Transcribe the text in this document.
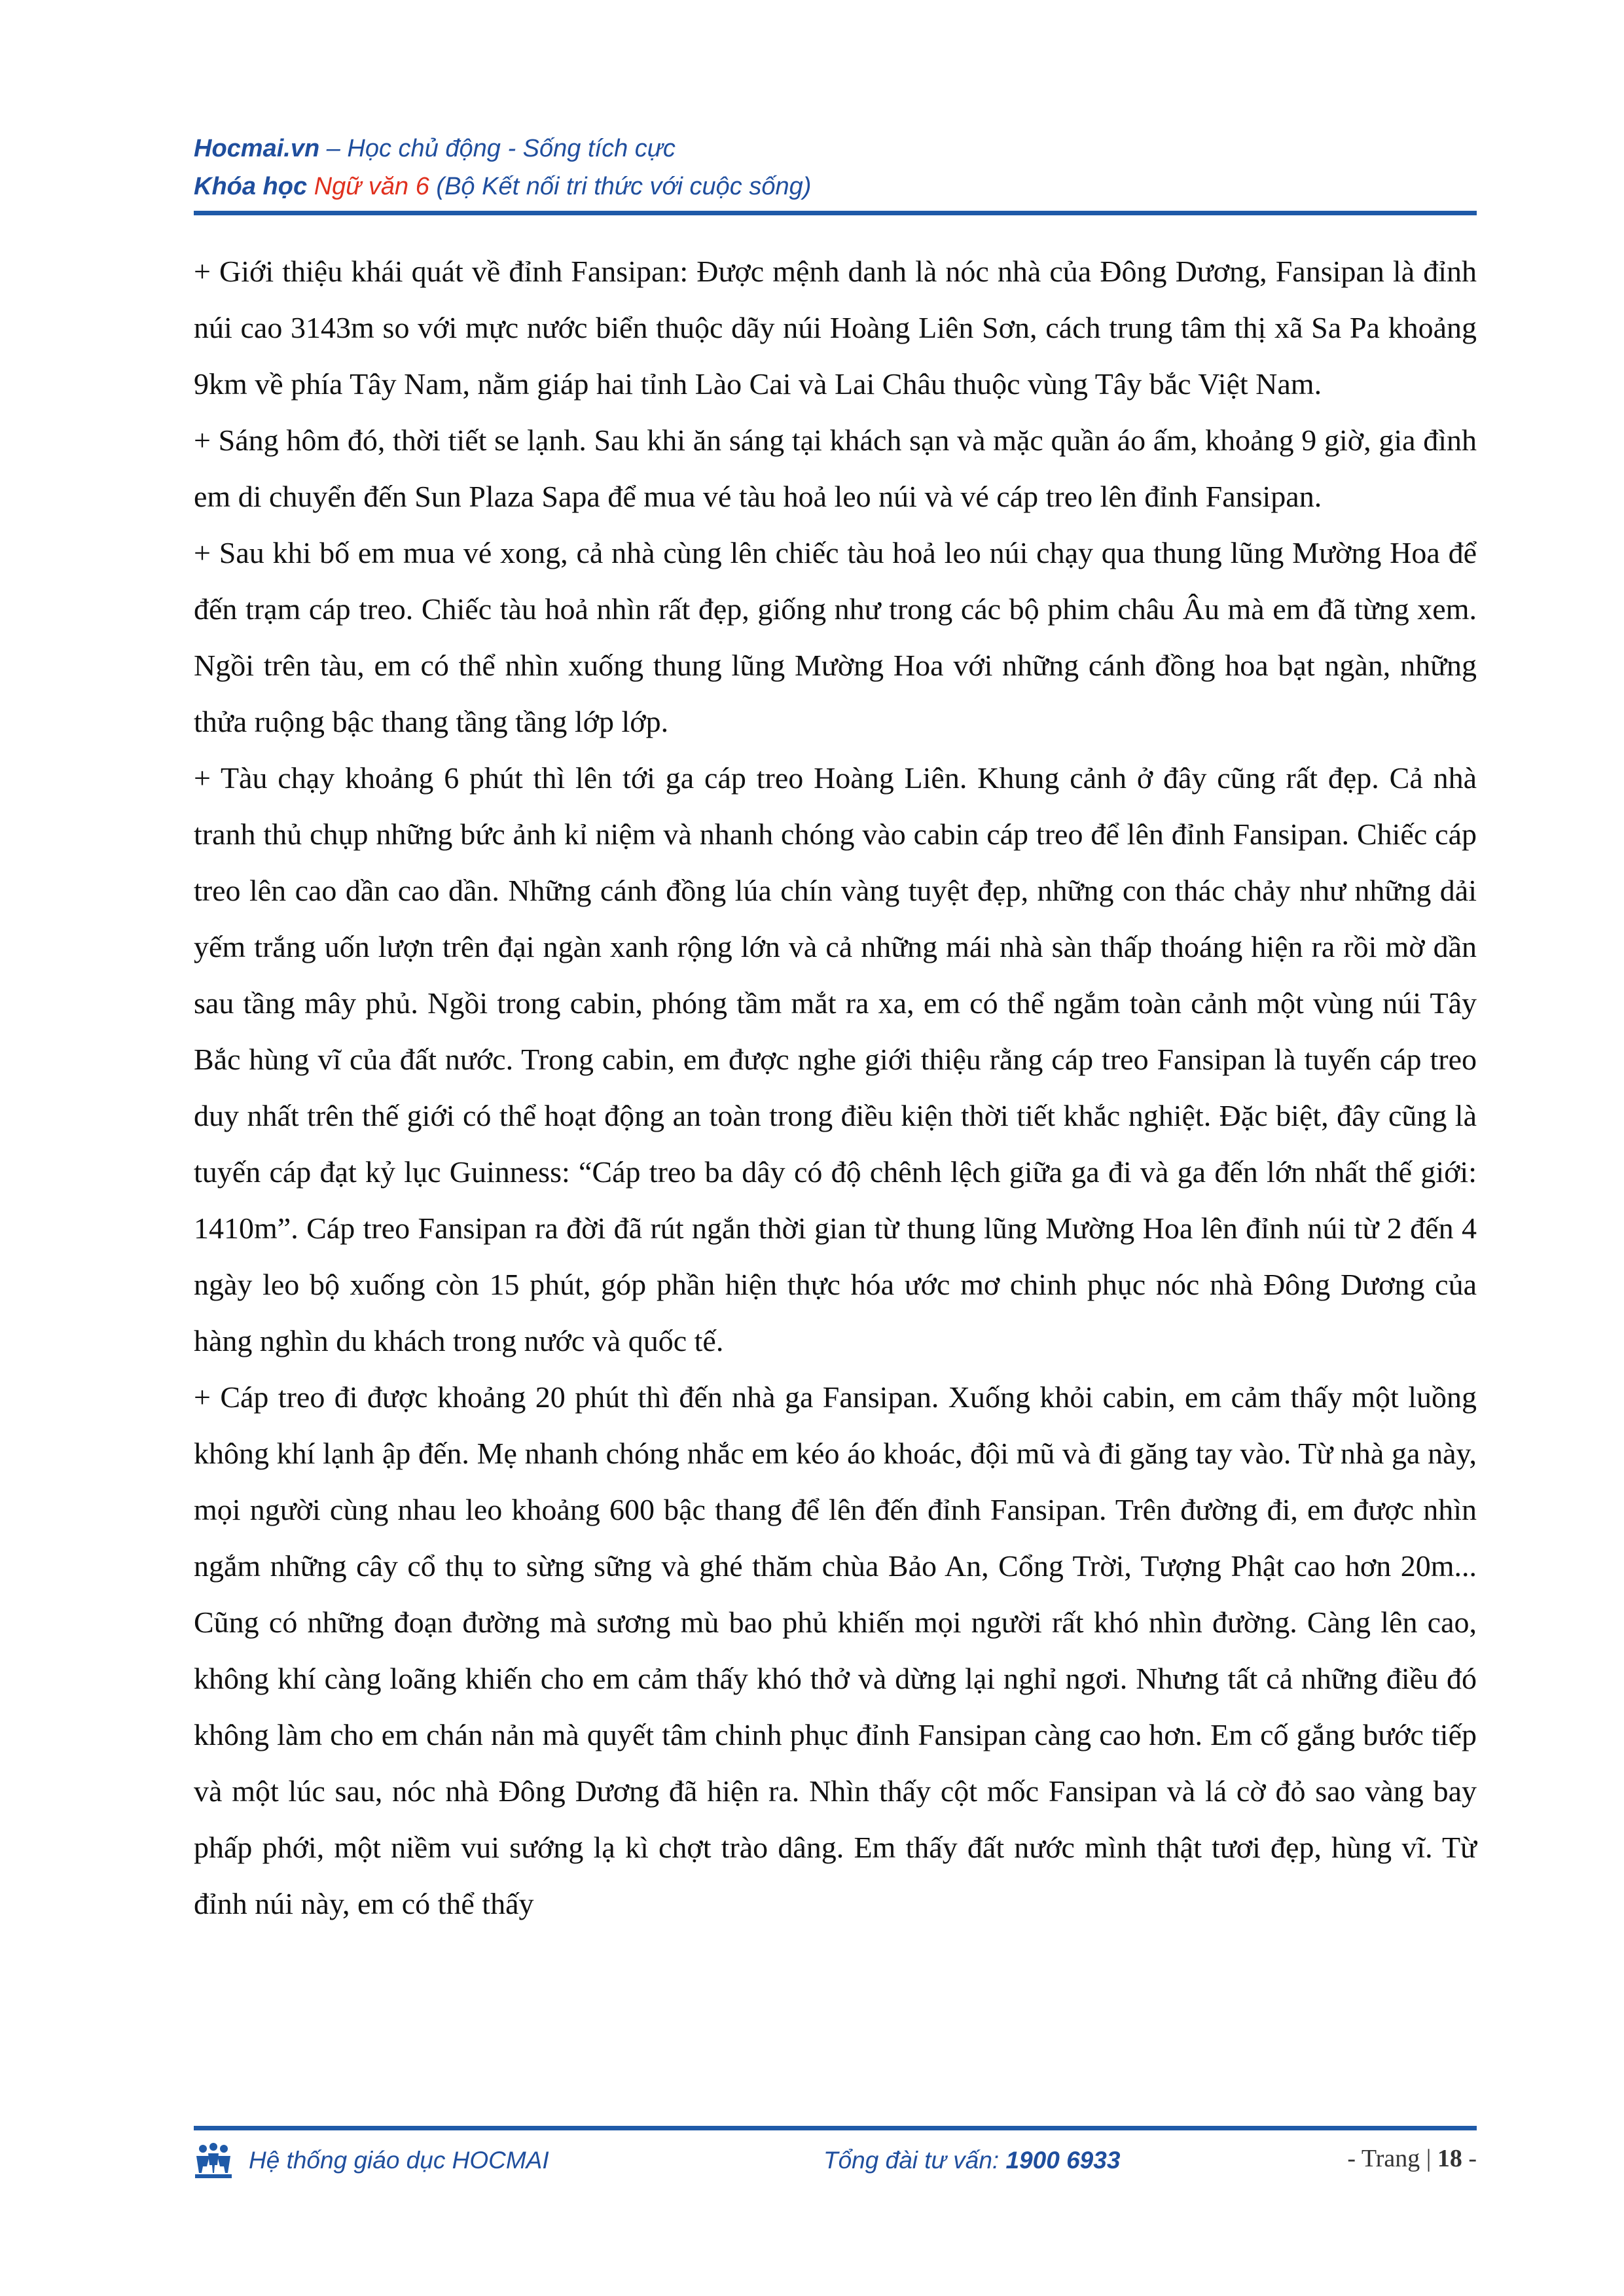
Hocmai.vn – Học chủ động - Sống tích cực
Khóa học Ngữ văn 6 (Bộ Kết nối tri thức với cuộc sống)

+ Giới thiệu khái quát về đỉnh Fansipan: Được mệnh danh là nóc nhà của Đông Dương, Fansipan là đỉnh núi cao 3143m so với mực nước biển thuộc dãy núi Hoàng Liên Sơn, cách trung tâm thị xã Sa Pa khoảng 9km về phía Tây Nam, nằm giáp hai tỉnh Lào Cai và Lai Châu thuộc vùng Tây bắc Việt Nam.

+ Sáng hôm đó, thời tiết se lạnh. Sau khi ăn sáng tại khách sạn và mặc quần áo ấm, khoảng 9 giờ, gia đình em di chuyển đến Sun Plaza Sapa để mua vé tàu hoả leo núi và vé cáp treo lên đỉnh Fansipan.

+ Sau khi bố em mua vé xong, cả nhà cùng lên chiếc tàu hoả leo núi chạy qua thung lũng Mường Hoa để đến trạm cáp treo. Chiếc tàu hoả nhìn rất đẹp, giống như trong các bộ phim châu Âu mà em đã từng xem. Ngồi trên tàu, em có thể nhìn xuống thung lũng Mường Hoa với những cánh đồng hoa bạt ngàn, những thửa ruộng bậc thang tầng tầng lớp lớp.

+ Tàu chạy khoảng 6 phút thì lên tới ga cáp treo Hoàng Liên. Khung cảnh ở đây cũng rất đẹp. Cả nhà tranh thủ chụp những bức ảnh kỉ niệm và nhanh chóng vào cabin cáp treo để lên đỉnh Fansipan. Chiếc cáp treo lên cao dần cao dần. Những cánh đồng lúa chín vàng tuyệt đẹp, những con thác chảy như những dải yếm trắng uốn lượn trên đại ngàn xanh rộng lớn và cả những mái nhà sàn thấp thoáng hiện ra rồi mờ dần sau tầng mây phủ. Ngồi trong cabin, phóng tầm mắt ra xa, em có thể ngắm toàn cảnh một vùng núi Tây Bắc hùng vĩ của đất nước. Trong cabin, em được nghe giới thiệu rằng cáp treo Fansipan là tuyến cáp treo duy nhất trên thế giới có thể hoạt động an toàn trong điều kiện thời tiết khắc nghiệt. Đặc biệt, đây cũng là tuyến cáp đạt kỷ lục Guinness: “Cáp treo ba dây có độ chênh lệch giữa ga đi và ga đến lớn nhất thế giới: 1410m”. Cáp treo Fansipan ra đời đã rút ngắn thời gian từ thung lũng Mường Hoa lên đỉnh núi từ 2 đến 4 ngày leo bộ xuống còn 15 phút, góp phần hiện thực hóa ước mơ chinh phục nóc nhà Đông Dương của hàng nghìn du khách trong nước và quốc tế.

+ Cáp treo đi được khoảng 20 phút thì đến nhà ga Fansipan. Xuống khỏi cabin, em cảm thấy một luồng không khí lạnh ập đến. Mẹ nhanh chóng nhắc em kéo áo khoác, đội mũ và đi găng tay vào. Từ nhà ga này, mọi người cùng nhau leo khoảng 600 bậc thang để lên đến đỉnh Fansipan. Trên đường đi, em được nhìn ngắm những cây cổ thụ to sừng sững và ghé thăm chùa Bảo An, Cổng Trời, Tượng Phật cao hơn 20m... Cũng có những đoạn đường mà sương mù bao phủ khiến mọi người rất khó nhìn đường. Càng lên cao, không khí càng loãng khiến cho em cảm thấy khó thở và dừng lại nghỉ ngơi. Nhưng tất cả những điều đó không làm cho em chán nản mà quyết tâm chinh phục đỉnh Fansipan càng cao hơn. Em cố gắng bước tiếp và một lúc sau, nóc nhà Đông Dương đã hiện ra. Nhìn thấy cột mốc Fansipan và lá cờ đỏ sao vàng bay phấp phới, một niềm vui sướng lạ kì chợt trào dâng. Em thấy đất nước mình thật tươi đẹp, hùng vĩ. Từ đỉnh núi này, em có thể thấy

Hệ thống giáo dục HOCMAI	Tổng đài tư vấn: 1900 6933	- Trang | 18 -
